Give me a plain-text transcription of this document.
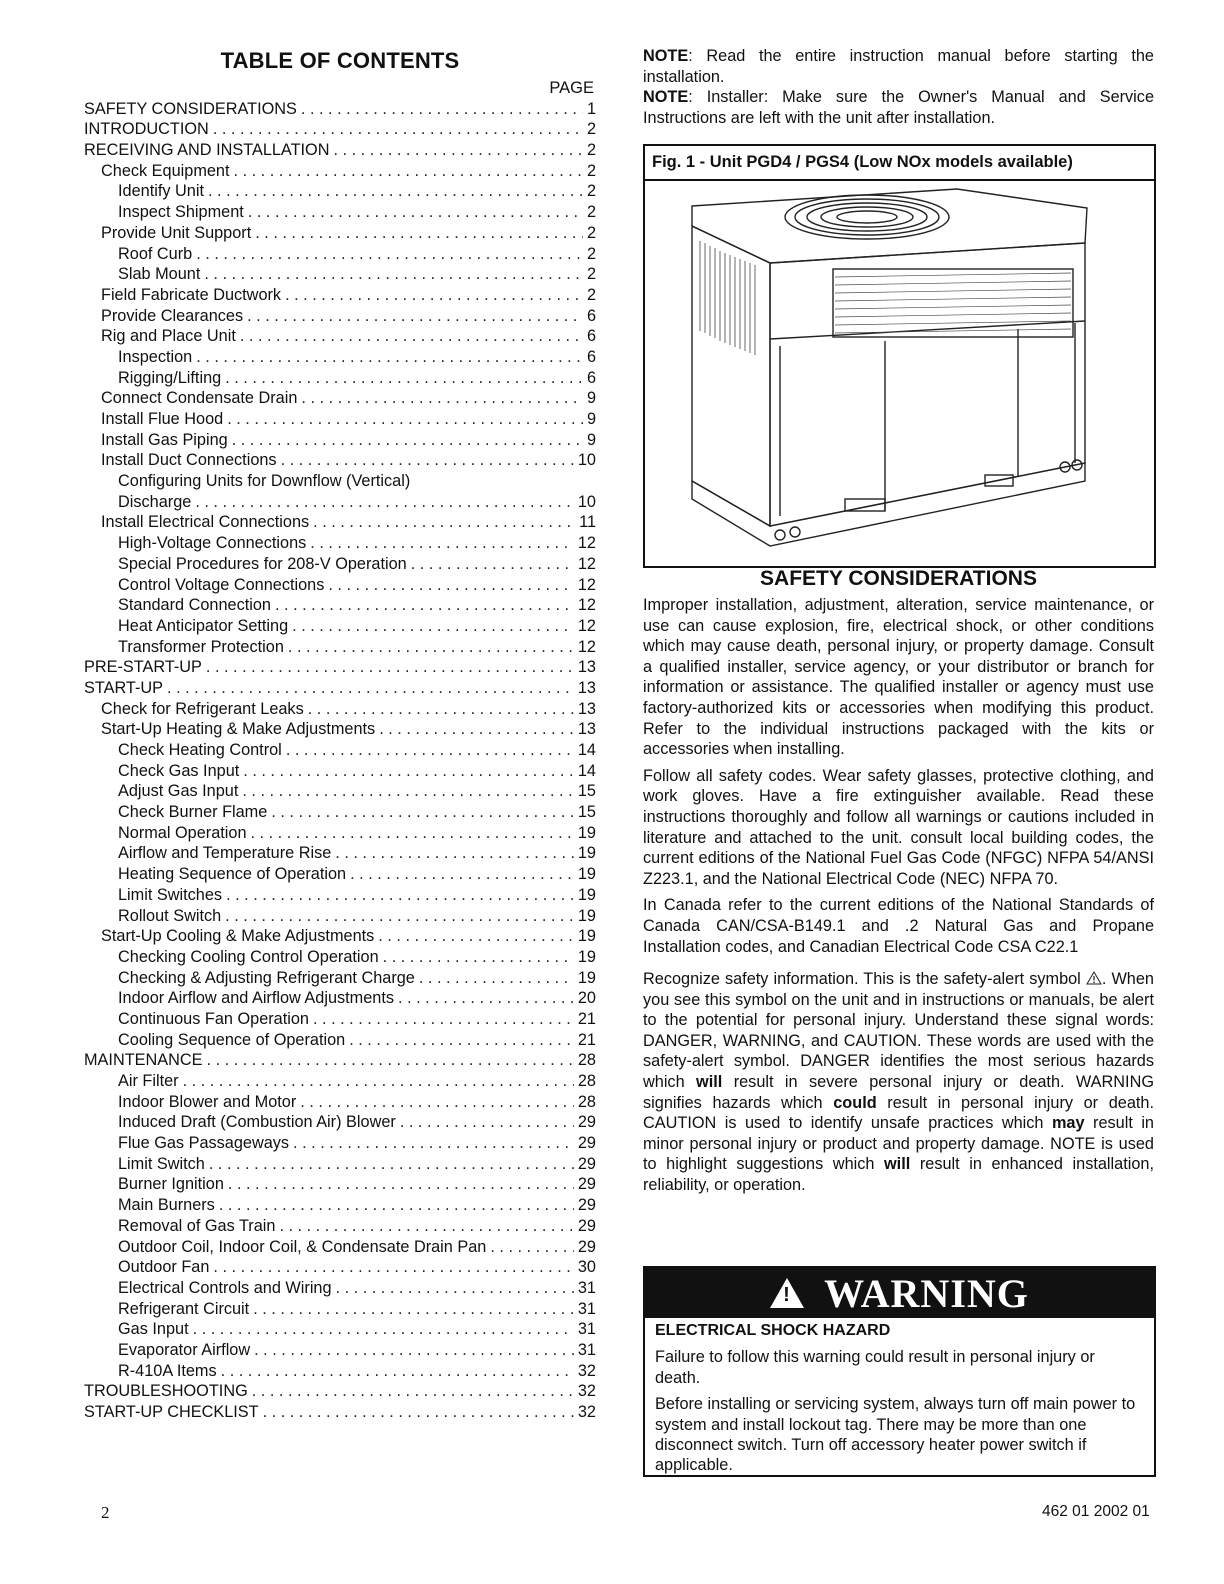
TABLE OF CONTENTS
PAGE
SAFETY CONSIDERATIONS . . .	1
INTRODUCTION . . .	2
RECEIVING AND INSTALLATION . . .	2
Check Equipment . . .	2
Identify Unit . . .	2
Inspect Shipment . . .	2
Provide Unit Support . . .	2
Roof Curb . . .	2
Slab Mount . . .	2
Field Fabricate Ductwork . . .	2
Provide Clearances . . .	6
Rig and Place Unit . . .	6
Inspection . . .	6
Rigging/Lifting . . .	6
Connect Condensate Drain . . .	9
Install Flue Hood . . .	9
Install Gas Piping . . .	9
Install Duct Connections . . .	10
Configuring Units for Downflow (Vertical)
Discharge . . .	10
Install Electrical Connections . . .	11
High-Voltage Connections . . .	12
Special Procedures for 208-V Operation . . .	12
Control Voltage Connections . . .	12
Standard Connection . . .	12
Heat Anticipator Setting . . .	12
Transformer Protection . . .	12
PRE-START-UP . . .	13
START-UP . . .	13
Check for Refrigerant Leaks . . .	13
Start-Up Heating & Make Adjustments . . .	13
Check Heating Control . . .	14
Check Gas Input . . .	14
Adjust Gas Input . . .	15
Check Burner Flame . . .	15
Normal Operation . . .	19
Airflow and Temperature Rise . . .	19
Heating Sequence of Operation . . .	19
Limit Switches . . .	19
Rollout Switch . . .	19
Start-Up Cooling & Make Adjustments . . .	19
Checking Cooling Control Operation . . .	19
Checking & Adjusting Refrigerant Charge . . .	19
Indoor Airflow and Airflow Adjustments . . .	20
Continuous Fan Operation . . .	21
Cooling Sequence of Operation . . .	21
MAINTENANCE . . .	28
Air Filter . . .	28
Indoor Blower and Motor . . .	28
Induced Draft (Combustion Air) Blower . . .	29
Flue Gas Passageways . . .	29
Limit Switch . . .	29
Burner Ignition . . .	29
Main Burners . . .	29
Removal of Gas Train . . .	29
Outdoor Coil, Indoor Coil, & Condensate Drain Pan . . .	29
Outdoor Fan . . .	30
Electrical Controls and Wiring . . .	31
Refrigerant Circuit . . .	31
Gas Input . . .	31
Evaporator Airflow . . .	31
R-410A Items . . .	32
TROUBLESHOOTING . . .	32
START-UP CHECKLIST . . .	32

NOTE: Read the entire instruction manual before starting the installation.

NOTE: Installer: Make sure the Owner's Manual and Service Instructions are left with the unit after installation.

Fig. 1 - Unit PGD4 / PGS4 (Low NOx models available)
SAFETY CONSIDERATIONS

Improper installation, adjustment, alteration, service maintenance, or use can cause explosion, fire, electrical shock, or other conditions which may cause death, personal injury, or property damage. Consult a qualified installer, service agency, or your distributor or branch for information or assistance. The qualified installer or agency must use factory-authorized kits or accessories when modifying this product. Refer to the individual instructions packaged with the kits or accessories when installing.

Follow all safety codes. Wear safety glasses, protective clothing, and work gloves. Have a fire extinguisher available. Read these instructions thoroughly and follow all warnings or cautions included in literature and attached to the unit. consult local building codes, the current editions of the National Fuel Gas Code (NFGC) NFPA 54/ANSI Z223.1, and the National Electrical Code (NEC) NFPA 70.

In Canada refer to the current editions of the National Standards of Canada CAN/CSA-B149.1 and .2 Natural Gas and Propane Installation codes, and Canadian Electrical Code CSA C22.1

Recognize safety information. This is the safety-alert symbol . When you see this symbol on the unit and in instructions or manuals, be alert to the potential for personal injury. Understand these signal words: DANGER, WARNING, and CAUTION. These words are used with the safety-alert symbol. DANGER identifies the most serious hazards which will result in severe personal injury or death. WARNING signifies hazards which could result in personal injury or death. CAUTION is used to identify unsafe practices which may result in minor personal injury or product and property damage. NOTE is used to highlight suggestions which will result in enhanced installation, reliability, or operation.

! WARNING
ELECTRICAL SHOCK HAZARD

Failure to follow this warning could result in personal injury or death.

Before installing or servicing system, always turn off main power to system and install lockout tag. There may be more than one disconnect switch. Turn off accessory heater power switch if applicable.

2	462 01 2002 01
